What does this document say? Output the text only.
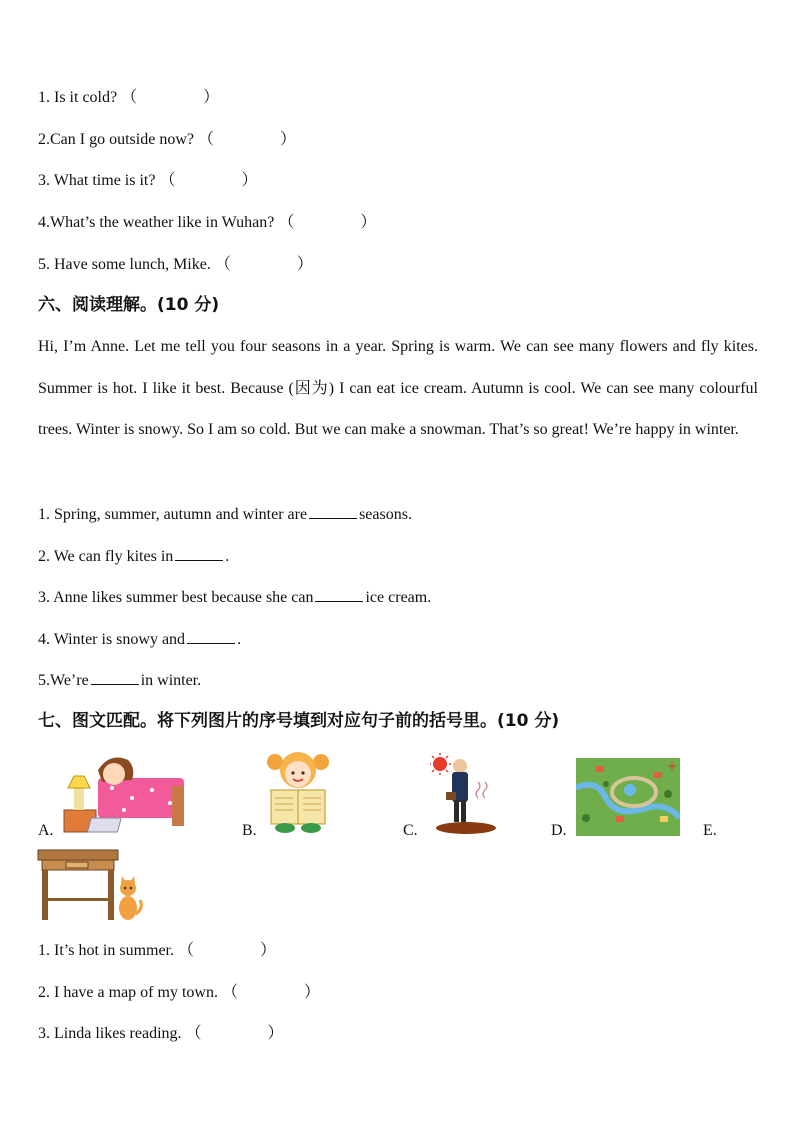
1. Is it cold? （	）
2.Can I go outside now? （	）
3. What time is it? （	）
4.What’s the weather like in Wuhan? （	）
5. Have some lunch, Mike. （	）
六、阅读理解。(10 分)
Hi, I’m Anne. Let me tell you four seasons in a year. Spring is warm. We can see many flowers and fly kites. Summer is hot. I like it best. Because (因为) I can eat ice cream. Autumn is cool. We can see many colourful trees. Winter is snowy. So I am so cold. But we can make a snowman. That’s so great! We’re happy in winter.
1. Spring, summer, autumn and winter are	seasons.
2. We can fly kites in	.
3. Anne likes summer best because she can	ice cream.
4. Winter is snowy and	.
5.We’re	in winter.
七、图文匹配。将下列图片的序号填到对应句子前的括号里。(10 分)
A.	B.	C.	D.	E.
1. It’s hot in summer. （	）
2. I have a map of my town. （	）
3. Linda likes reading. （	）
